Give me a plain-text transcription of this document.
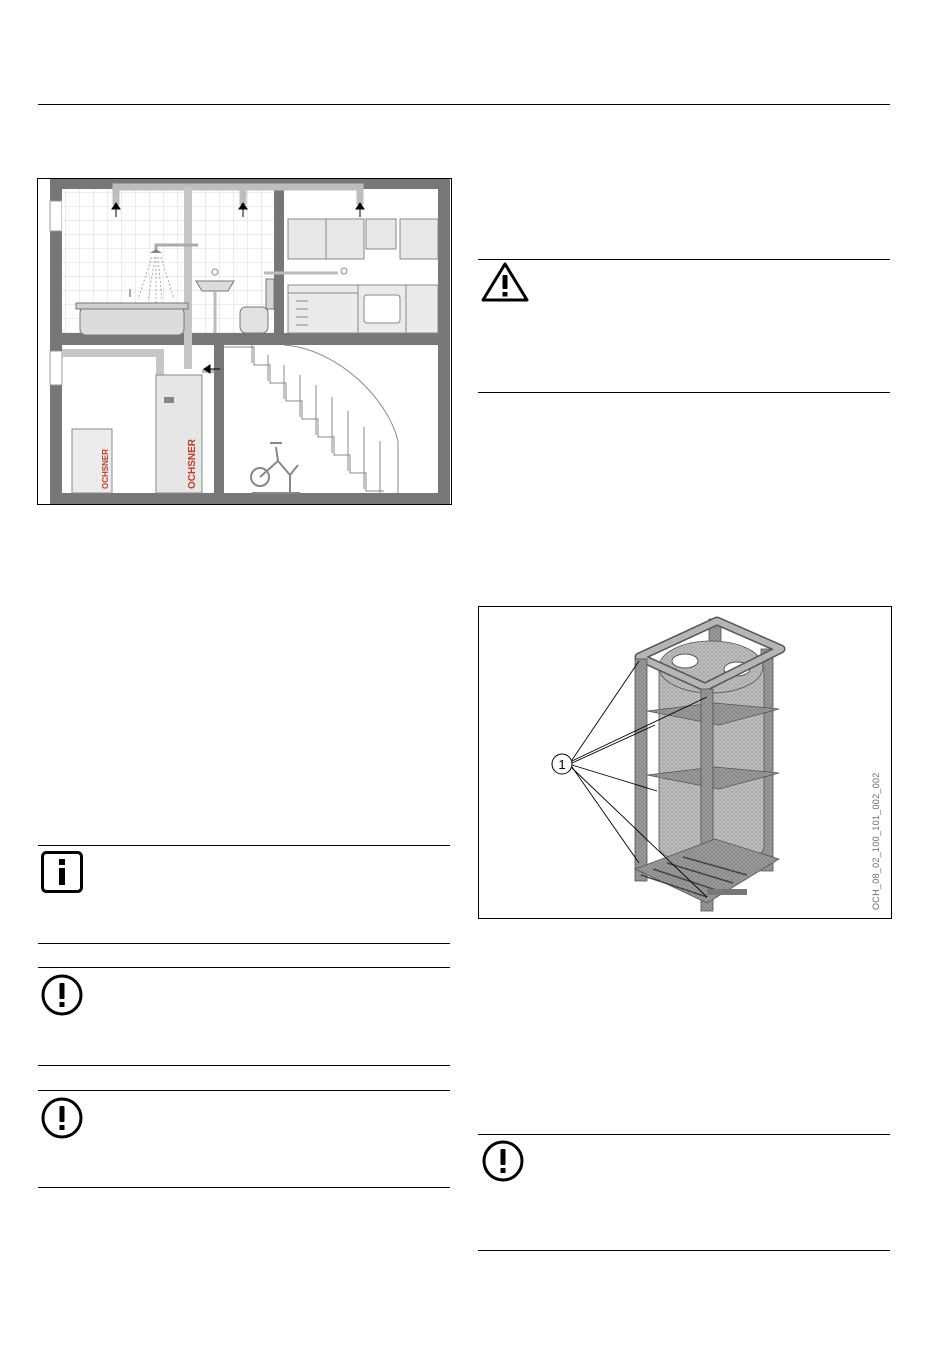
OCHSNER
OCHSNER
1
OCH_08_02_100_101_002_002
